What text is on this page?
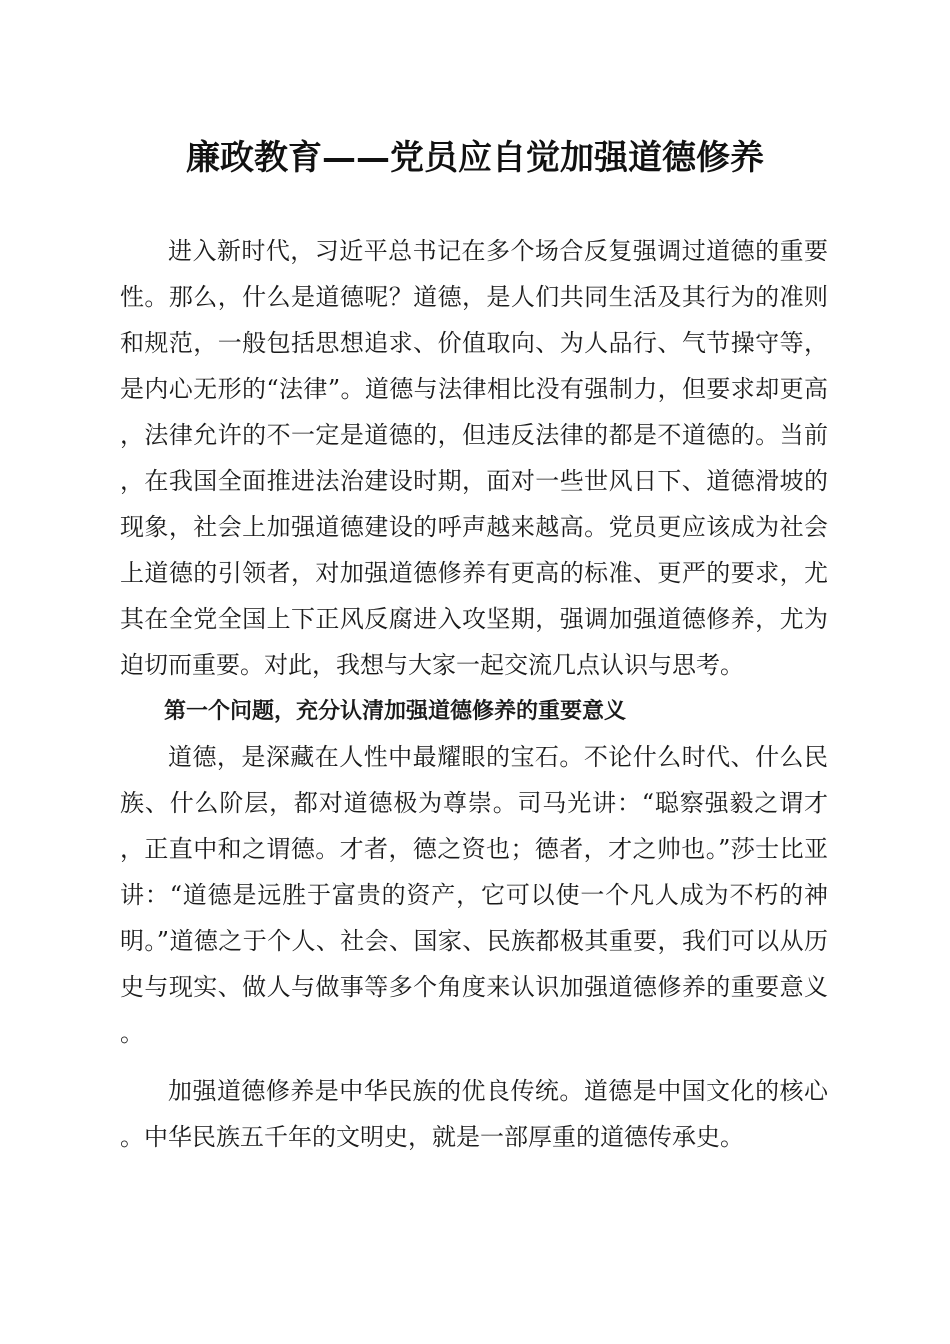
廉政教育——党员应自觉加强道德修养

进入新时代，习近平总书记在多个场合反复强调过道德的重要性。那么，什么是道德呢？道德，是人们共同生活及其行为的准则和规范，一般包括思想追求、价值取向、为人品行、气节操守等，是内心无形的“法律”。道德与法律相比没有强制力，但要求却更高，法律允许的不一定是道德的，但违反法律的都是不道德的。当前，在我国全面推进法治建设时期，面对一些世风日下、道德滑坡的现象，社会上加强道德建设的呼声越来越高。党员更应该成为社会上道德的引领者，对加强道德修养有更高的标准、更严的要求，尤其在全党全国上下正风反腐进入攻坚期，强调加强道德修养，尤为迫切而重要。对此，我想与大家一起交流几点认识与思考。

第一个问题，充分认清加强道德修养的重要意义

道德，是深藏在人性中最耀眼的宝石。不论什么时代、什么民族、什么阶层，都对道德极为尊崇。司马光讲：“聪察强毅之谓才，正直中和之谓德。才者，德之资也；德者，才之帅也。”莎士比亚讲：“道德是远胜于富贵的资产，它可以使一个凡人成为不朽的神明。”道德之于个人、社会、国家、民族都极其重要，我们可以从历史与现实、做人与做事等多个角度来认识加强道德修养的重要意义。

加强道德修养是中华民族的优良传统。道德是中国文化的核心。中华民族五千年的文明史，就是一部厚重的道德传承史。
